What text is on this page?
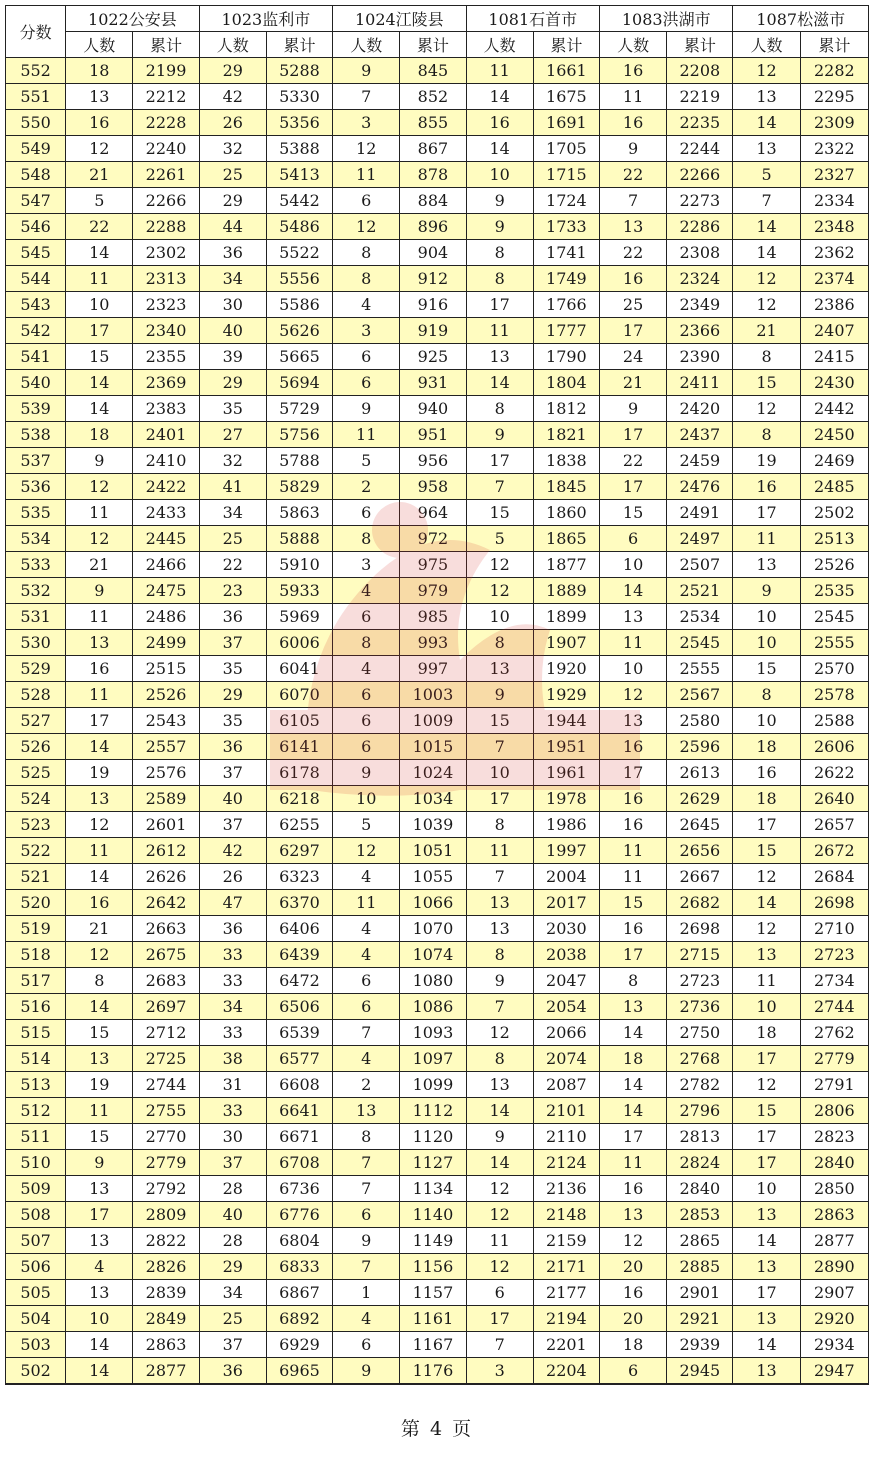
分数	1022公安县		1023监利市		1024江陵县		1081石首市		1083洪湖市		1087松滋市	
	人数	累计	人数	累计	人数	累计	人数	累计	人数	累计	人数	累计
552	18	2199	29	5288	9	845	11	1661	16	2208	12	2282
551	13	2212	42	5330	7	852	14	1675	11	2219	13	2295
550	16	2228	26	5356	3	855	16	1691	16	2235	14	2309
549	12	2240	32	5388	12	867	14	1705	9	2244	13	2322
548	21	2261	25	5413	11	878	10	1715	22	2266	5	2327
547	5	2266	29	5442	6	884	9	1724	7	2273	7	2334
546	22	2288	44	5486	12	896	9	1733	13	2286	14	2348
545	14	2302	36	5522	8	904	8	1741	22	2308	14	2362
544	11	2313	34	5556	8	912	8	1749	16	2324	12	2374
543	10	2323	30	5586	4	916	17	1766	25	2349	12	2386
542	17	2340	40	5626	3	919	11	1777	17	2366	21	2407
541	15	2355	39	5665	6	925	13	1790	24	2390	8	2415
540	14	2369	29	5694	6	931	14	1804	21	2411	15	2430
539	14	2383	35	5729	9	940	8	1812	9	2420	12	2442
538	18	2401	27	5756	11	951	9	1821	17	2437	8	2450
537	9	2410	32	5788	5	956	17	1838	22	2459	19	2469
536	12	2422	41	5829	2	958	7	1845	17	2476	16	2485
535	11	2433	34	5863	6	964	15	1860	15	2491	17	2502
534	12	2445	25	5888	8	972	5	1865	6	2497	11	2513
533	21	2466	22	5910	3	975	12	1877	10	2507	13	2526
532	9	2475	23	5933	4	979	12	1889	14	2521	9	2535
531	11	2486	36	5969	6	985	10	1899	13	2534	10	2545
530	13	2499	37	6006	8	993	8	1907	11	2545	10	2555
529	16	2515	35	6041	4	997	13	1920	10	2555	15	2570
528	11	2526	29	6070	6	1003	9	1929	12	2567	8	2578
527	17	2543	35	6105	6	1009	15	1944	13	2580	10	2588
526	14	2557	36	6141	6	1015	7	1951	16	2596	18	2606
525	19	2576	37	6178	9	1024	10	1961	17	2613	16	2622
524	13	2589	40	6218	10	1034	17	1978	16	2629	18	2640
523	12	2601	37	6255	5	1039	8	1986	16	2645	17	2657
522	11	2612	42	6297	12	1051	11	1997	11	2656	15	2672
521	14	2626	26	6323	4	1055	7	2004	11	2667	12	2684
520	16	2642	47	6370	11	1066	13	2017	15	2682	14	2698
519	21	2663	36	6406	4	1070	13	2030	16	2698	12	2710
518	12	2675	33	6439	4	1074	8	2038	17	2715	13	2723
517	8	2683	33	6472	6	1080	9	2047	8	2723	11	2734
516	14	2697	34	6506	6	1086	7	2054	13	2736	10	2744
515	15	2712	33	6539	7	1093	12	2066	14	2750	18	2762
514	13	2725	38	6577	4	1097	8	2074	18	2768	17	2779
513	19	2744	31	6608	2	1099	13	2087	14	2782	12	2791
512	11	2755	33	6641	13	1112	14	2101	14	2796	15	2806
511	15	2770	30	6671	8	1120	9	2110	17	2813	17	2823
510	9	2779	37	6708	7	1127	14	2124	11	2824	17	2840
509	13	2792	28	6736	7	1134	12	2136	16	2840	10	2850
508	17	2809	40	6776	6	1140	12	2148	13	2853	13	2863
507	13	2822	28	6804	9	1149	11	2159	12	2865	14	2877
506	4	2826	29	6833	7	1156	12	2171	20	2885	13	2890
505	13	2839	34	6867	1	1157	6	2177	16	2901	17	2907
504	10	2849	25	6892	4	1161	17	2194	20	2921	13	2920
503	14	2863	37	6929	6	1167	7	2201	18	2939	14	2934
502	14	2877	36	6965	9	1176	3	2204	6	2945	13	2947
第 4 页
